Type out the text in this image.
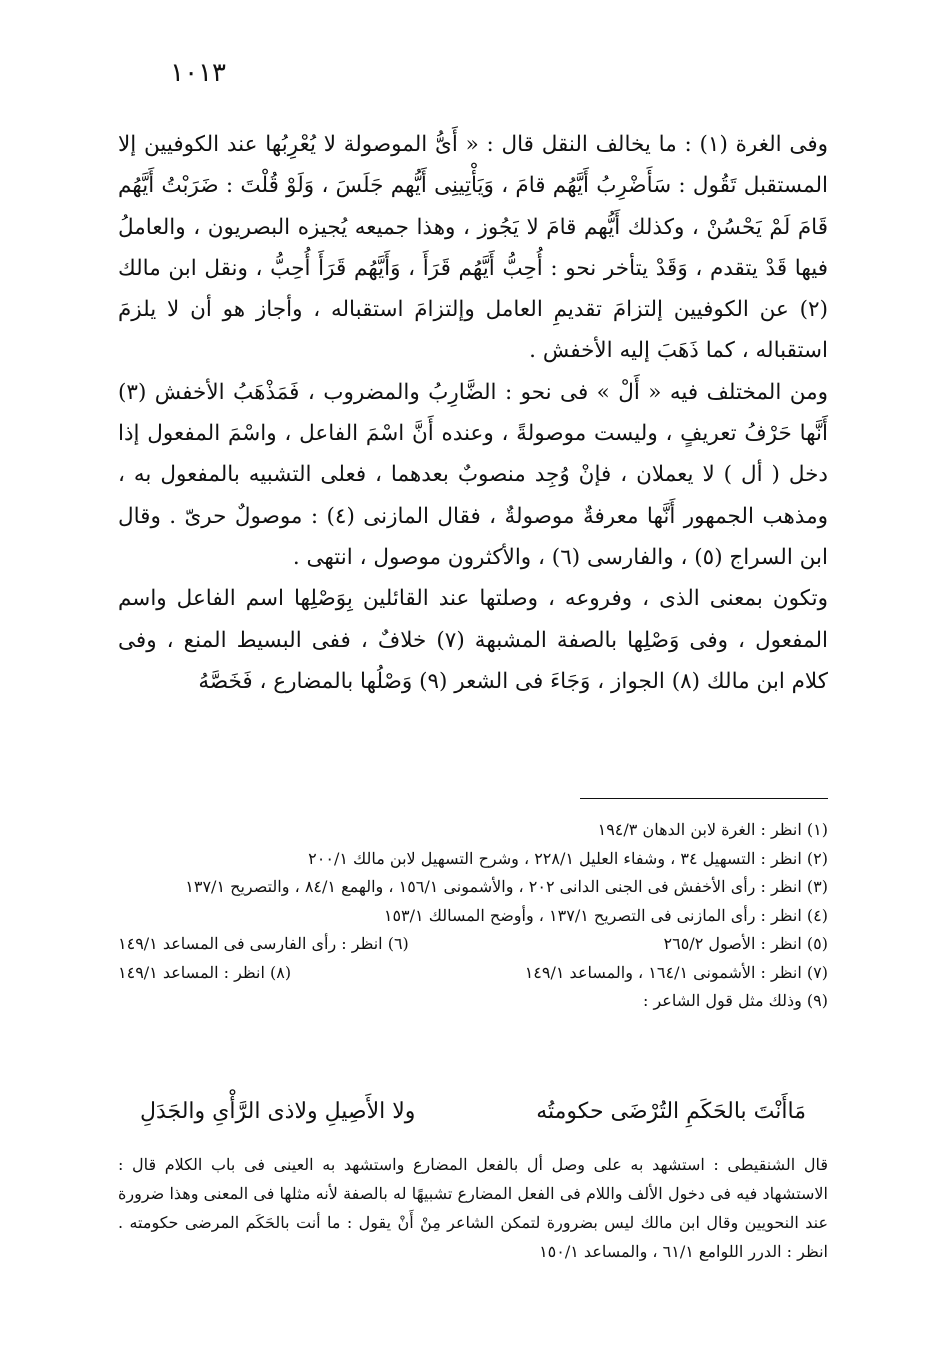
١٠١٣

وفى الغرة (١) : ما يخالف النقل قال : « أَىُّ الموصولة لا يُعْرِبُها عند الكوفيين إلا المستقبل تَقُول : سَأَضْرِبُ أَيَّهُم قامَ ، وَيَأْتِينِى أَيُّهم جَلَسَ ، وَلَوْ قُلْتَ : ضَرَبْتُ أَيَّهُم قَامَ لَمْ يَحْسُنْ ، وكذلك أَيُّهم قامَ لا يَجُوز ، وهذا جميعه يُجيزه البصريون ، والعاملُ فيها قَدْ يتقدم ، وَقَدْ يتأخر نحو : أُحِبُّ أَيَّهُم قَرَأَ ، وَأَيَّهُم قَرَأَ أُحِبُّ ، ونقل ابن مالك (٢) عن الكوفيين إلتزامَ تقديمِ العامل وإلتزامَ استقباله ، وأجاز هو أن لا يلزمَ استقباله ، كما ذَهَبَ إليه الأخفش .

ومن المختلف فيه « أَلْ » فى نحو : الضَّارِبُ والمضروب ، فَمَذْهَبُ الأخفش (٣) أَنَّها حَرْفُ تعريفٍ ، وليست موصولةً ، وعنده أَنَّ اسْمَ الفاعل ، واسْمَ المفعول إذا دخل ( أل ) لا يعملان ، فإنْ وُجِد منصوبٌ بعدهما ، فعلى التشبيه بالمفعول به ، ومذهب الجمهور أَنَّها معرفةٌ موصولةٌ ، فقال المازنى (٤) : موصولٌ حرىّ . وقال ابن السراج (٥) ، والفارسى (٦) ، والأكثرون موصول ، انتهى .

وتكون بمعنى الذى ، وفروعه ، وصلتها عند القائلين بِوَصْلِها اسم الفاعل واسم المفعول ، وفى وَصْلِها بالصفة المشبهة (٧) خلافٌ ، ففى البسيط المنع ، وفى كلام ابن مالك (٨) الجواز ، وَجَاءَ فى الشعر (٩) وَصْلُها بالمضارع ، فَخَصَّهُ

(١) انظر : الغرة لابن الدهان ١٩٤/٣

(٢) انظر : التسهيل ٣٤ ، وشفاء العليل ٢٢٨/١ ، وشرح التسهيل لابن مالك ٢٠٠/١

(٣) انظر : رأى الأخفش فى الجنى الدانى ٢٠٢ ، والأشمونى ١٥٦/١ ، والهمع ٨٤/١ ، والتصريح ١٣٧/١

(٤) انظر : رأى المازنى فى التصريح ١٣٧/١ ، وأوضح المسالك ١٥٣/١

(٥) انظر : الأصول ٢٦٥/٢
(٦) انظر : رأى الفارسى فى المساعد ١٤٩/١
(٧) انظر : الأشمونى ١٦٤/١ ، والمساعد ١٤٩/١
(٨) انظر : المساعد ١٤٩/١

(٩) وذلك مثل قول الشاعر :

مَاأَنْتَ بالحَكَمِ التُرْضَى حكومتُه
ولا الأَصِيلِ ولاذى الرَّأْىِ والجَدَلِ

قال الشنقيطى : استشهد به على وصل أل بالفعل المضارع واستشهد به العينى فى باب الكلام قال : الاستشهاد فيه فى دخول الألف واللام فى الفعل المضارع تشبيهًا له بالصفة لأنه مثلها فى المعنى وهذا ضرورة عند النحويين وقال ابن مالك ليس بضرورة لتمكن الشاعر مِنْ أَنْ يقول : ما أنت بالحَكَم المرضى حكومته . انظر : الدرر اللوامع ٦١/١ ، والمساعد ١٥٠/١
